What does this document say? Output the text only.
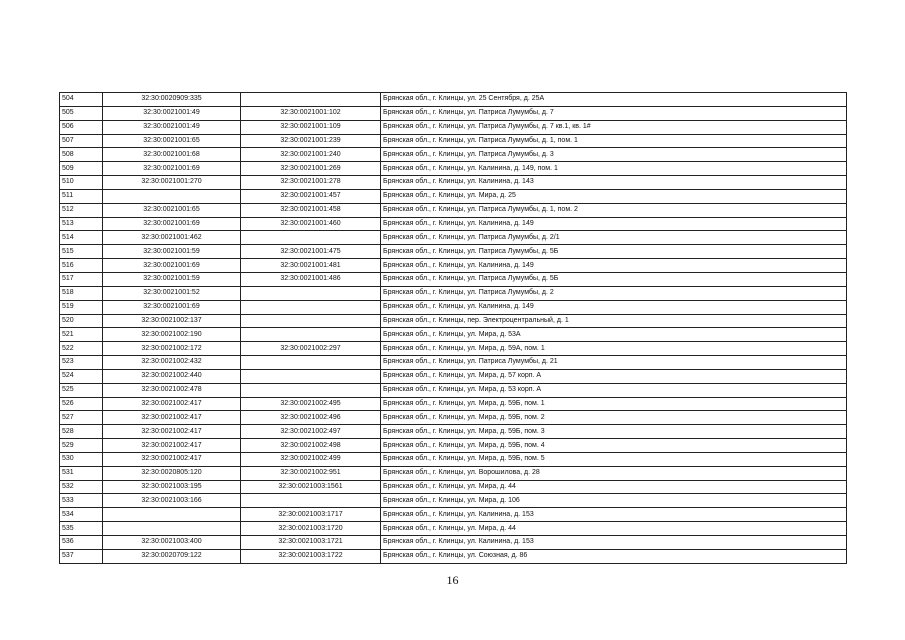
504	32:30:0020909:335		Брянская обл., г. Клинцы, ул. 25 Сентября, д. 25А
505	32:30:0021001:49	32:30:0021001:102	Брянская обл., г. Клинцы, ул. Патриса Лумумбы, д. 7
506	32:30:0021001:49	32:30:0021001:109	Брянская обл., г. Клинцы, ул. Патриса Лумумбы, д. 7 кв.1, кв. 1#
507	32:30:0021001:65	32:30:0021001:239	Брянская обл., г. Клинцы, ул. Патриса Лумумбы, д. 1, пом. 1
508	32:30:0021001:68	32:30:0021001:240	Брянская обл., г. Клинцы, ул. Патриса Лумумбы, д. 3
509	32:30:0021001:69	32:30:0021001:269	Брянская обл., г. Клинцы, ул. Калинина, д. 149, пом. 1
510	32:30:0021001:270	32:30:0021001:278	Брянская обл., г. Клинцы, ул. Калинина, д. 143
511		32:30:0021001:457	Брянская обл., г. Клинцы, ул. Мира, д. 25
512	32:30:0021001:65	32:30:0021001:458	Брянская обл., г. Клинцы, ул. Патриса Лумумбы, д. 1, пом. 2
513	32:30:0021001:69	32:30:0021001:460	Брянская обл., г. Клинцы, ул. Калинина, д. 149
514	32:30:0021001:462		Брянская обл., г. Клинцы, ул. Патриса Лумумбы, д. 2/1
515	32:30:0021001:59	32:30:0021001:475	Брянская обл., г. Клинцы, ул. Патриса Лумумбы, д. 5Б
516	32:30:0021001:69	32:30:0021001:481	Брянская обл., г. Клинцы, ул. Калинина, д. 149
517	32:30:0021001:59	32:30:0021001:486	Брянская обл., г. Клинцы, ул. Патриса Лумумбы, д. 5Б
518	32:30:0021001:52		Брянская обл., г. Клинцы, ул. Патриса Лумумбы, д. 2
519	32:30:0021001:69		Брянская обл., г. Клинцы, ул. Калинина, д. 149
520	32:30:0021002:137		Брянская обл., г. Клинцы, пер. Электроцентральный, д. 1
521	32:30:0021002:190		Брянская обл., г. Клинцы, ул. Мира, д. 53А
522	32:30:0021002:172	32:30:0021002:297	Брянская обл., г. Клинцы, ул. Мира, д. 59А, пом. 1
523	32:30:0021002:432		Брянская обл., г. Клинцы, ул. Патриса Лумумбы, д. 21
524	32:30:0021002:440		Брянская обл., г. Клинцы, ул. Мира, д. 57 корп. А
525	32:30:0021002:478		Брянская обл., г. Клинцы, ул. Мира, д. 53 корп. А
526	32:30:0021002:417	32:30:0021002:495	Брянская обл., г. Клинцы, ул. Мира, д. 59Б, пом. 1
527	32:30:0021002:417	32:30:0021002:496	Брянская обл., г. Клинцы, ул. Мира, д. 59Б, пом. 2
528	32:30:0021002:417	32:30:0021002:497	Брянская обл., г. Клинцы, ул. Мира, д. 59Б, пом. 3
529	32:30:0021002:417	32:30:0021002:498	Брянская обл., г. Клинцы, ул. Мира, д. 59Б, пом. 4
530	32:30:0021002:417	32:30:0021002:499	Брянская обл., г. Клинцы, ул. Мира, д. 59Б, пом. 5
531	32:30:0020805:120	32:30:0021002:951	Брянская обл., г. Клинцы, ул. Ворошилова, д. 28
532	32:30:0021003:195	32:30:0021003:1561	Брянская обл., г. Клинцы, ул. Мира, д. 44
533	32:30:0021003:166		Брянская обл., г. Клинцы, ул. Мира, д. 106
534		32:30:0021003:1717	Брянская обл., г. Клинцы, ул. Калинина, д. 153
535		32:30:0021003:1720	Брянская обл., г. Клинцы, ул. Мира, д. 44
536	32:30:0021003:400	32:30:0021003:1721	Брянская обл., г. Клинцы, ул. Калинина, д. 153
537	32:30:0020709:122	32:30:0021003:1722	Брянская обл., г. Клинцы, ул. Союзная, д. 86
16
